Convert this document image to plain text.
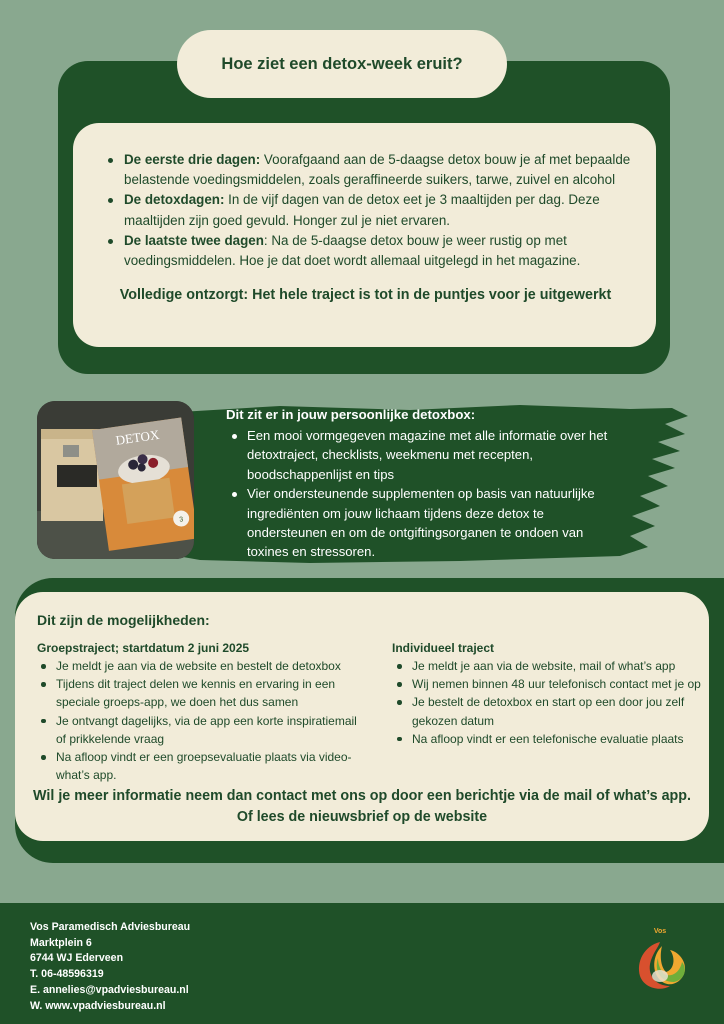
Hoe ziet een detox-week eruit?
De eerste drie dagen: Voorafgaand aan de 5-daagse detox bouw je af met bepaalde belastende voedingsmiddelen, zoals geraffineerde suikers, tarwe, zuivel en alcohol
De detoxdagen: In de vijf dagen van de detox eet je 3 maaltijden per dag. Deze maaltijden zijn goed gevuld. Honger zul je niet ervaren.
De laatste twee dagen: Na de 5-daagse detox bouw je weer rustig op met voedingsmiddelen. Hoe je dat doet wordt allemaal uitgelegd in het magazine.
Volledige ontzorgt: Het hele traject is tot in de puntjes voor je uitgewerkt
3
DETOX
Dit zit er in jouw persoonlijke detoxbox:
Een mooi vormgegeven magazine met alle informatie over het detoxtraject, checklists, weekmenu met recepten, boodschappenlijst en tips
Vier ondersteunende supplementen op basis van natuurlijke ingrediënten om jouw lichaam tijdens deze detox te ondersteunen en om de ontgiftingsorganen te ondoen van toxines en stressoren.
Dit zijn de mogelijkheden:
Groepstraject; startdatum 2 juni 2025
Je meldt je aan via de website en bestelt de detoxbox
Tijdens dit traject delen we kennis en ervaring in een speciale groeps-app, we doen het dus samen
Je ontvangt dagelijks, via de app een korte inspiratiemail of prikkelende vraag
Na afloop vindt er een groepsevaluatie plaats via video- what’s app.
Individueel traject
Je meldt je aan via de website, mail of what’s app
Wij nemen binnen 48 uur telefonisch contact met je op
Je bestelt de detoxbox en start op een door jou zelf gekozen datum
Na afloop vindt er een telefonische evaluatie plaats
Wil je meer informatie neem dan contact met ons op door een berichtje via de mail of what’s app.
Of lees de nieuwsbrief op de website
Vos Paramedisch Adviesbureau
Marktplein 6
6744 WJ Ederveen
T. 06-48596319
E. annelies@vpadviesbureau.nl
W. www.vpadviesbureau.nl
Vos
